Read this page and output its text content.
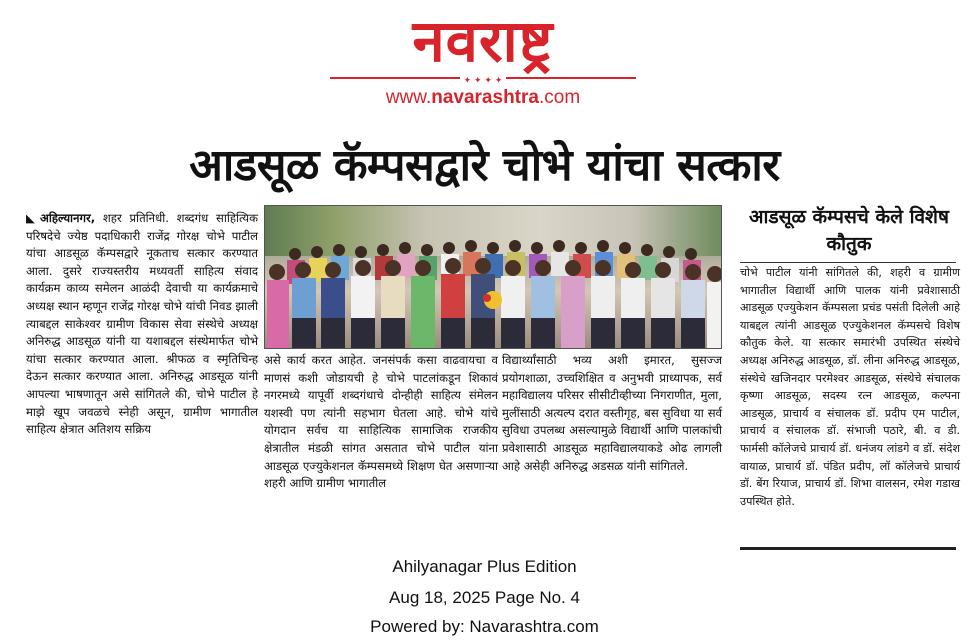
नवराष्ट्र
✦ ✦ ✦ ✦
www.navarashtra.com
आडसूळ कॅम्पसद्वारे चोभे यांचा सत्कार

◣ अहिल्यानगर, शहर प्रतिनिधी. शब्दगंध साहित्यिक परिषदेचे ज्येष्ठ पदाधिकारी राजेंद्र गोरक्ष चोभे पाटील यांचा आडसूळ कॅम्पसद्वारे नूकताच सत्कार करण्यात आला. दुसरे राज्यस्तरीय मध्यवर्ती साहित्य संवाद कार्यक्रम काव्य समेलन आळंदी देवाची या कार्यक्रमाचे अध्यक्ष स्थान म्हणून राजेंद्र गोरक्ष चोभे यांची निवड झाली त्याबद्दल साकेश्वर ग्रामीण विकास सेवा संस्थेचे अध्यक्ष अनिरुद्ध आडसूळ यांनी या यशाबद्दल संस्थेमार्फत चोभे यांचा सत्कार करण्यात आला. श्रीफळ व स्मृतिचिन्ह देऊन सत्कार करण्यात आला. अनिरुद्ध आडसूळ यांनी आपल्या भाषणातून असे सांगितले की, चोभे पाटील हे माझे खूप जवळचे स्नेही असून, ग्रामीण भागातील साहित्य क्षेत्रात अतिशय सक्रिय

असे कार्य करत आहेत. जनसंपर्क कसा वाढवायचा व माणसं कशी जोडायची हे चोभे पाटलांकडून शिकावं नगरमध्ये यापूर्वी शब्दगंधाचे दोन्हीही साहित्य संमेलन यशस्वी पण त्यांनी सहभाग घेतला आहे. चोभे यांचे योगदान सर्वच या साहित्यिक सामाजिक राजकीय क्षेत्रातील मंडळी सांगत असतात चोभे पाटील यांना आडसूळ एज्युकेशनल कॅम्पसमध्ये शिक्षण घेत असणाऱ्या शहरी आणि ग्रामीण भागातील

विद्यार्थ्यांसाठी भव्य अशी इमारत, सुसज्ज प्रयोगशाळा, उच्चशिक्षित व अनुभवी प्राध्यापक, सर्व महाविद्यालय परिसर सीसीटीव्हीच्या निगराणीत, मुला, मुलींसाठी अत्यल्प दरात वस्तीगृह, बस सुविधा या सर्व सुविधा उपलब्ध असल्यामुळे विद्यार्थी आणि पालकांची प्रवेशासाठी आडसूळ महाविद्यालयाकडे ओढ लागली आहे असेही अनिरुद्ध अडसळ यांनी सांगितले.

आडसूळ कॅम्पसचे केले विशेष कौतुक

चोभे पाटील यांनी सांगितले की, शहरी व ग्रामीण भागातील विद्यार्थी आणि पालक यांनी प्रवेशासाठी आडसूळ एज्युकेशन कॅम्पसला प्रचंड पसंती दिलेली आहे याबद्दल त्यांनी आडसूळ एज्युकेशनल कॅम्पसचे विशेष कौतुक केले. या सत्कार समारंभी उपस्थित संस्थेचे अध्यक्ष अनिरुद्ध आडसूळ, डॉ. लीना अनिरुद्ध आडसूळ, संस्थेचे खजिनदार परमेश्वर आडसूळ, संस्थेचे संचालक कृष्णा आडसूळ, सदस्य रत्न आडसूळ, कल्पना आडसूळ, प्राचार्य व संचालक डॉ. प्रदीप एम पाटील, प्राचार्य व संचालक डॉ. संभाजी पठारे, बी. व डी. फार्मसी कॉलेजचे प्राचार्य डॉ. धनंजय लांडगे व डॉ. संदेश वायाळ, प्राचार्य डॉ. पंडित प्रदीप, लॉ कॉलेजचे प्राचार्य डॉ. बेंग रियाज, प्राचार्य डॉ. शिभा वालसन, रमेश गडाख उपस्थित होते.

Ahilyanagar Plus Edition
Aug 18, 2025 Page No. 4
Powered by: Navarashtra.com
